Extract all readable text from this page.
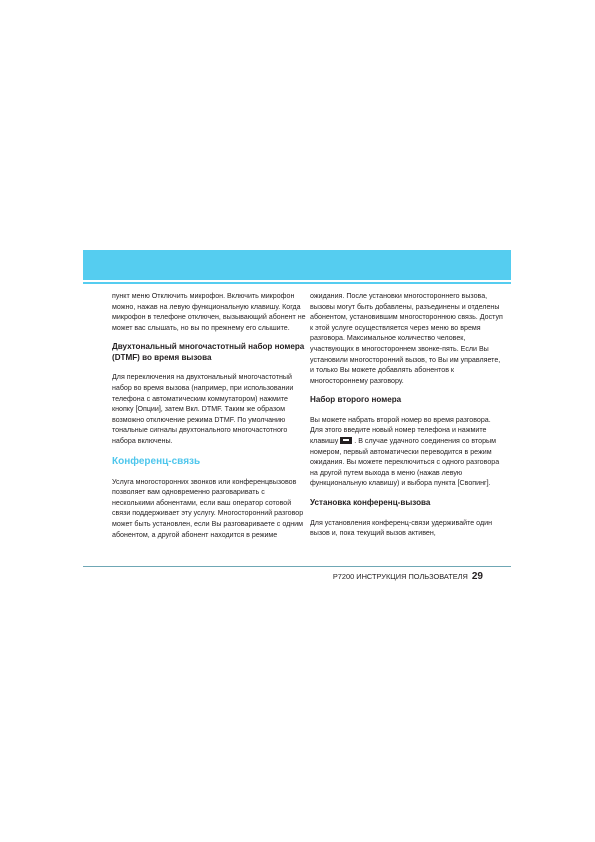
пункт меню Отключить микрофон. Включить микрофон можно, нажав на левую функциональную клавишу. Когда микрофон в телефоне отключен, вызывающий абонент не может вас слышать, но вы по прежнему его слышите.

Двухтональный многочастотный набор номера (DTMF) во время вызова

Для переключения на двухтональный многочастотный набор во время вызова (например, при использовании телефона с автоматическим коммутатором) нажмите кнопку [Опции], затем Вкл. DTMF. Таким же образом возможно отключение режима DTMF. По умолчанию тональные сигналы двухтонального многочастотного набора включены.

Конференц-связь

Услуга многосторонних звонков или конференцвызовов позволяет вам одновременно разговаривать с несколькими абонентами, если ваш оператор сотовой связи поддерживает эту услугу. Многосторонний разговор может быть установлен, если Вы разговариваете с одним абонентом, а другой абонент находится в режиме

ожидания. После установки многостороннего вызова, вызовы могут быть добавлены, разъединены и отделены абонентом, установившим многостороннюю связь. Доступ к этой услуге осуществляется через меню во время разговора. Максимальное количество человек, участвующих в многостороннем звонке-пять. Если Вы установили многосторонний вызов, то Вы им управляете, и только Вы можете добавлять абонентов к многостороннему разговору.

Набор второго номера

Вы можете набрать второй номер во время разговора. Для этого введите новый номер телефона и нажмите клавишу . В случае удачного соединения со вторым номером, первый автоматически переводится в режим ожидания. Вы можете переключиться с одного разговора на другой путем выхода в меню (нажав левую функциональную клавишу) и выбора пункта [Свопинг].

Установка конференц-вызова

Для установления конференц-связи удерживайте один вызов и, пока текущий вызов активен,

P7200 ИНСТРУКЦИЯ ПОЛЬЗОВАТЕЛЯ 29
